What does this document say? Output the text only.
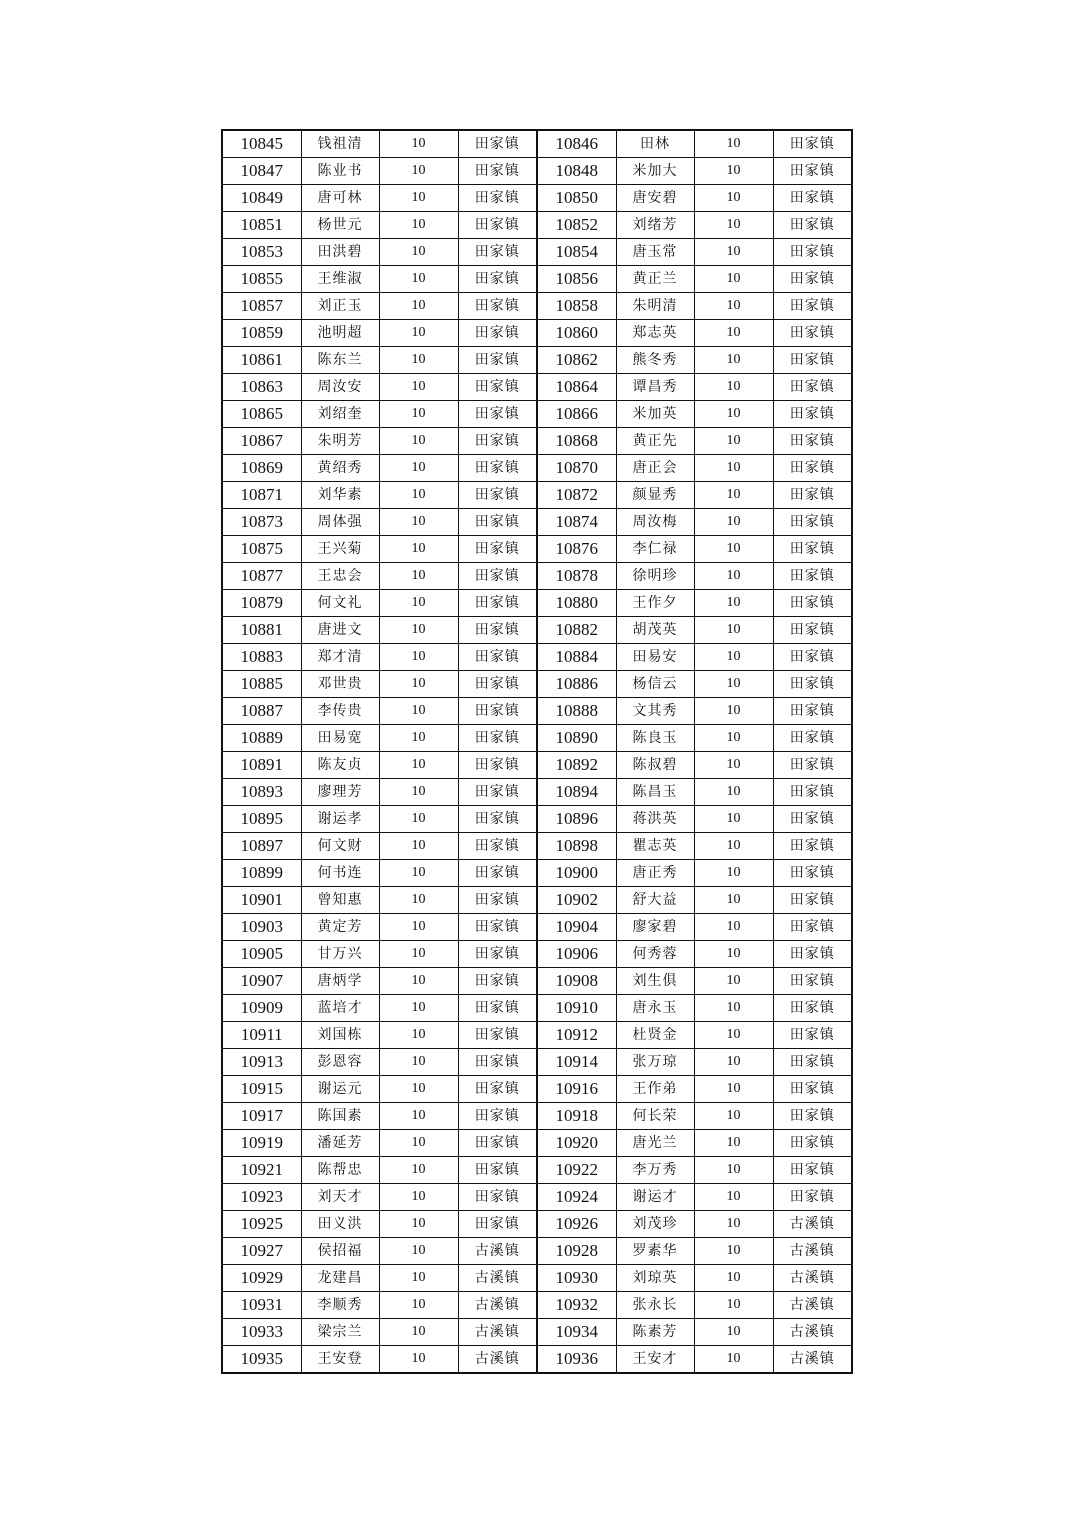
10845	钱祖清	10	田家镇	10846	田林	10	田家镇
10847	陈业书	10	田家镇	10848	米加大	10	田家镇
10849	唐可林	10	田家镇	10850	唐安碧	10	田家镇
10851	杨世元	10	田家镇	10852	刘绪芳	10	田家镇
10853	田洪碧	10	田家镇	10854	唐玉常	10	田家镇
10855	王维淑	10	田家镇	10856	黄正兰	10	田家镇
10857	刘正玉	10	田家镇	10858	朱明清	10	田家镇
10859	池明超	10	田家镇	10860	郑志英	10	田家镇
10861	陈东兰	10	田家镇	10862	熊冬秀	10	田家镇
10863	周汝安	10	田家镇	10864	谭昌秀	10	田家镇
10865	刘绍奎	10	田家镇	10866	米加英	10	田家镇
10867	朱明芳	10	田家镇	10868	黄正先	10	田家镇
10869	黄绍秀	10	田家镇	10870	唐正会	10	田家镇
10871	刘华素	10	田家镇	10872	颜显秀	10	田家镇
10873	周体强	10	田家镇	10874	周汝梅	10	田家镇
10875	王兴菊	10	田家镇	10876	李仁禄	10	田家镇
10877	王忠会	10	田家镇	10878	徐明珍	10	田家镇
10879	何文礼	10	田家镇	10880	王作夕	10	田家镇
10881	唐进文	10	田家镇	10882	胡茂英	10	田家镇
10883	郑才清	10	田家镇	10884	田易安	10	田家镇
10885	邓世贵	10	田家镇	10886	杨信云	10	田家镇
10887	李传贵	10	田家镇	10888	文其秀	10	田家镇
10889	田易宽	10	田家镇	10890	陈良玉	10	田家镇
10891	陈友贞	10	田家镇	10892	陈叔碧	10	田家镇
10893	廖理芳	10	田家镇	10894	陈昌玉	10	田家镇
10895	谢运孝	10	田家镇	10896	蒋洪英	10	田家镇
10897	何文财	10	田家镇	10898	瞿志英	10	田家镇
10899	何书连	10	田家镇	10900	唐正秀	10	田家镇
10901	曾知惠	10	田家镇	10902	舒大益	10	田家镇
10903	黄定芳	10	田家镇	10904	廖家碧	10	田家镇
10905	甘万兴	10	田家镇	10906	何秀蓉	10	田家镇
10907	唐炳学	10	田家镇	10908	刘生俱	10	田家镇
10909	蓝培才	10	田家镇	10910	唐永玉	10	田家镇
10911	刘国栋	10	田家镇	10912	杜贤金	10	田家镇
10913	彭恩容	10	田家镇	10914	张万琼	10	田家镇
10915	谢运元	10	田家镇	10916	王作弟	10	田家镇
10917	陈国素	10	田家镇	10918	何长荣	10	田家镇
10919	潘延芳	10	田家镇	10920	唐光兰	10	田家镇
10921	陈帮忠	10	田家镇	10922	李万秀	10	田家镇
10923	刘天才	10	田家镇	10924	谢运才	10	田家镇
10925	田义洪	10	田家镇	10926	刘茂珍	10	古溪镇
10927	侯招福	10	古溪镇	10928	罗素华	10	古溪镇
10929	龙建昌	10	古溪镇	10930	刘琼英	10	古溪镇
10931	李顺秀	10	古溪镇	10932	张永长	10	古溪镇
10933	梁宗兰	10	古溪镇	10934	陈素芳	10	古溪镇
10935	王安登	10	古溪镇	10936	王安才	10	古溪镇
